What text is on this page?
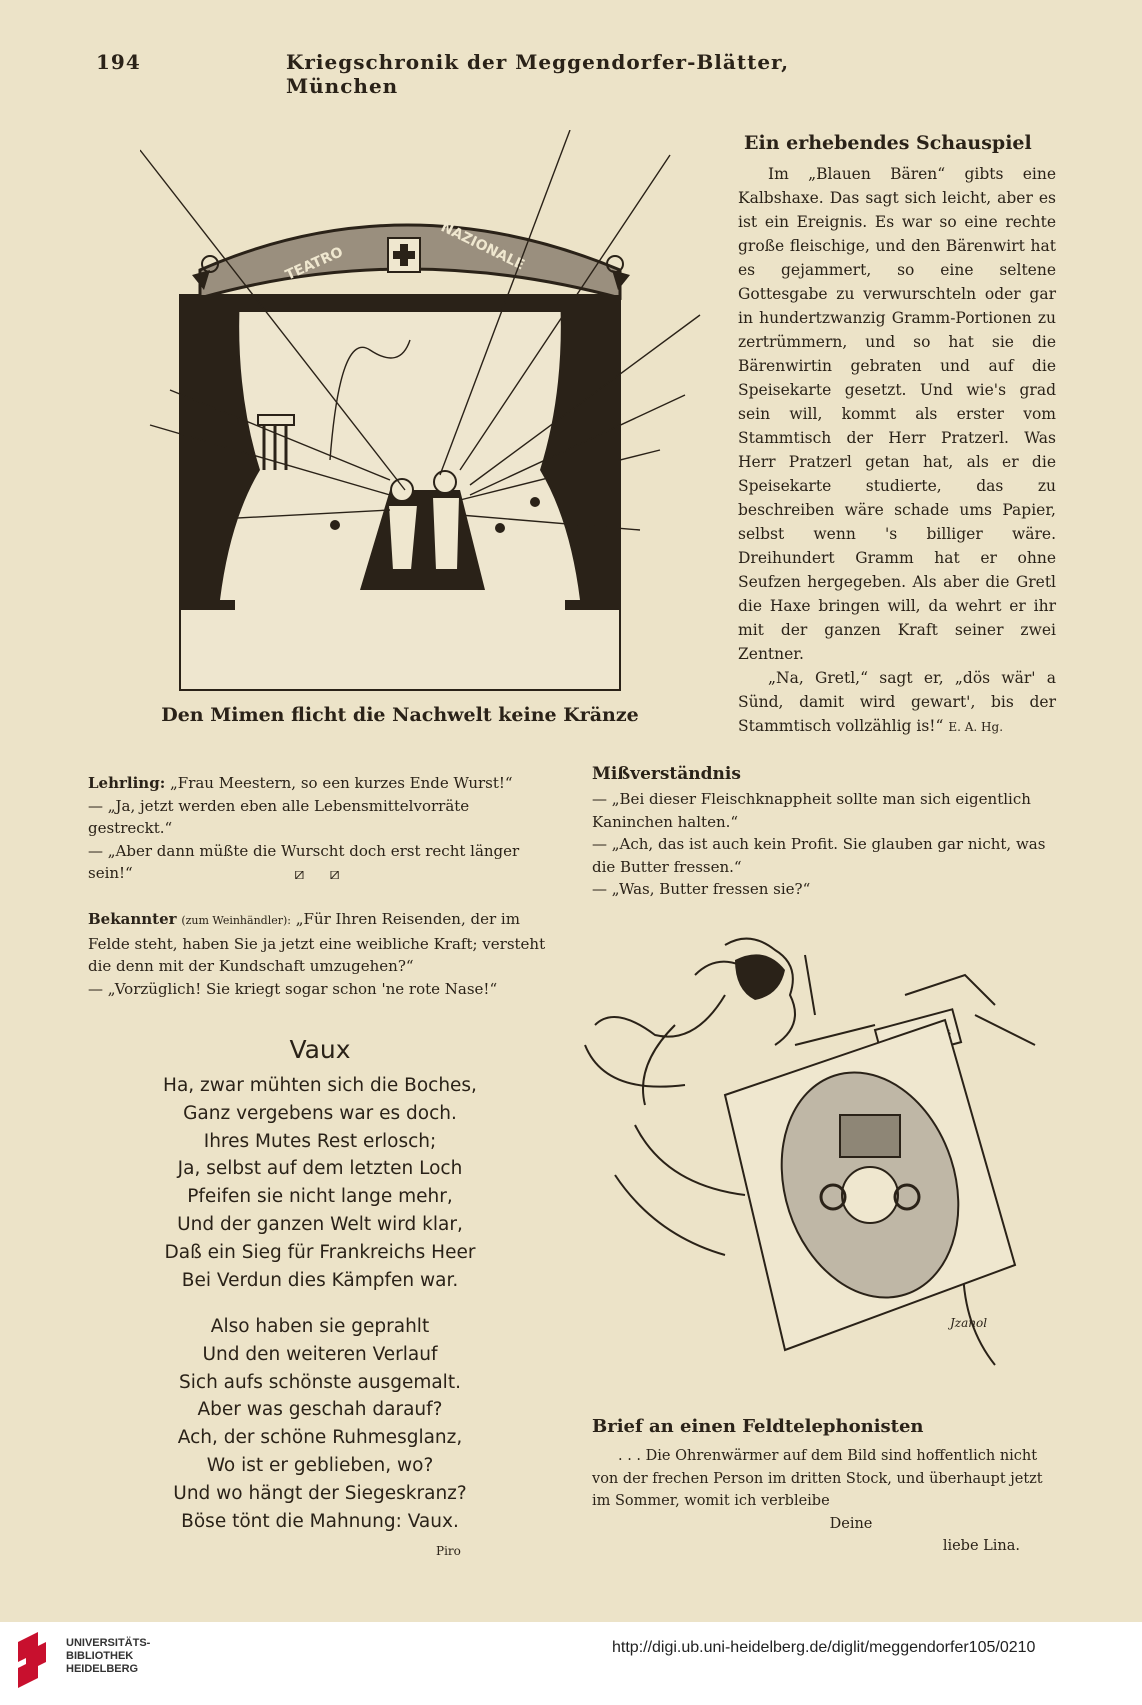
194	Kriegschronik der Meggendorfer-Blätter, München
TEATRO	NAZIONALE
Den Mimen flicht die Nachwelt keine Kränze
Ein erhebendes Schauspiel

Im „Blauen Bären“ gibts eine Kalbshaxe. Das sagt sich leicht, aber es ist ein Ereignis. Es war so eine rechte große fleischige, und den Bärenwirt hat es gejammert, so eine seltene Gottesgabe zu verwurschteln oder gar in hundertzwanzig Gramm-Portionen zu zertrümmern, und so hat sie die Bärenwirtin gebraten und auf die Speisekarte gesetzt. Und wie's grad sein will, kommt als erster vom Stammtisch der Herr Pratzerl. Was Herr Pratzerl getan hat, als er die Speisekarte studierte, das zu beschreiben wäre schade ums Papier, selbst wenn 's billiger wäre. Dreihundert Gramm hat er ohne Seufzen hergegeben. Als aber die Gretl die Haxe bringen will, da wehrt er ihr mit der ganzen Kraft seiner zwei Zentner.

„Na, Gretl,“ sagt er, „dös wär' a Sünd, damit wird gewart', bis der Stammtisch vollzählig is!“ E. A. Hg.

Lehrling: „Frau Meestern, so een kurzes Ende Wurst!“
— „Ja, jetzt werden eben alle Lebensmittelvorräte gestreckt.“
— „Aber dann müßte die Wurscht doch erst recht länger sein!“	⧄ ⧄
Bekannter (zum Weinhändler): „Für Ihren Reisenden, der im Felde steht, haben Sie ja jetzt eine weibliche Kraft; versteht die denn mit der Kundschaft umzugehen?“
— „Vorzüglich! Sie kriegt sogar schon 'ne rote Nase!“
Mißverständnis
— „Bei dieser Fleischknappheit sollte man sich eigentlich Kaninchen halten.“
— „Ach, das ist auch kein Profit. Sie glauben gar nicht, was die Butter fressen.“
— „Was, Butter fressen sie?“
Vaux
Ha, zwar mühten sich die Boches,
Ganz vergebens war es doch.
Ihres Mutes Rest erlosch;
Ja, selbst auf dem letzten Loch
Pfeifen sie nicht lange mehr,
Und der ganzen Welt wird klar,
Daß ein Sieg für Frankreichs Heer
Bei Verdun dies Kämpfen war.
Also haben sie geprahlt
Und den weiteren Verlauf
Sich aufs schönste ausgemalt.
Aber was geschah darauf?
Ach, der schöne Ruhmesglanz,
Wo ist er geblieben, wo?
Und wo hängt der Siegeskranz?
Böse tönt die Mahnung: Vaux.
Piro
Jzanol
Brief an einen Feldtelephonisten
. . . Die Ohrenwärmer auf dem Bild sind hoffentlich nicht von der frechen Person im dritten Stock, und überhaupt jetzt im Sommer, womit ich verbleibe
Deine
liebe Lina.
UNIVERSITÄTS-
BIBLIOTHEK
HEIDELBERG
http://digi.ub.uni-heidelberg.de/diglit/meggendorfer105/0210
